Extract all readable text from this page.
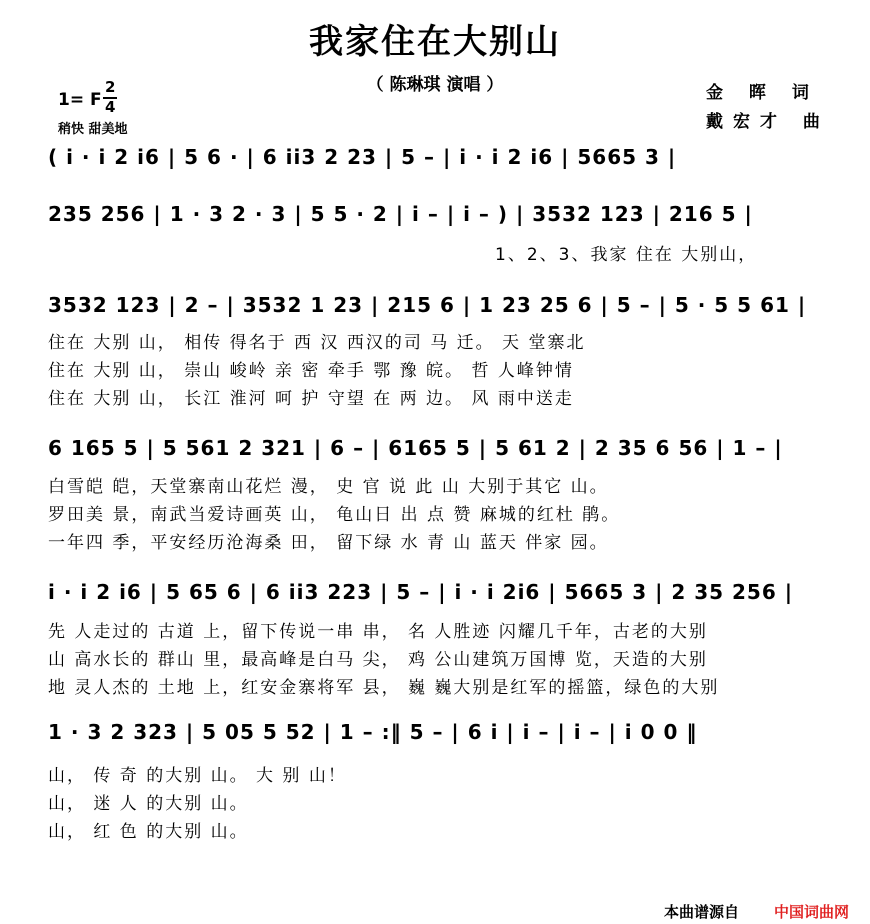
我家住在大别山
（ 陈琳琪 演唱 ）	金 晖 词
戴宏才 曲
1= F
2
4
稍快 甜美地
( i · i 2 i6 | 5 6 · | 6 ii3 2 23 | 5 – | i · i 2 i6 | 5665 3 |
235 256 | 1 · 3 2 · 3 | 5 5 · 2 | i – | i – ) | 3532 123 | 216 5 |
3532 123 | 2 – | 3532 1 23 | 215 6 | 1 23 25 6 | 5 – | 5 · 5 5 61 |
6 165 5 | 5 561 2 321 | 6 – | 6165 5 | 5 61 2 | 2 35 6 56 | 1 – |
i · i 2 i6 | 5 65 6 | 6 ii3 223 | 5 – | i · i 2i6 | 5665 3 | 2 35 256 |
1 · 3 2 323 | 5 05 5 52 | 1 – :‖ 5 – | 6 i | i – | i – | i 0 0 ‖
1、2、3、我家 住在 大别山，
住在 大别 山， 相传 得名于 西 汉 西汉的司 马 迁。 天 堂寨北
住在 大别 山， 崇山 峻岭 亲 密 牵手 鄂 豫 皖。 哲 人峰钟情
住在 大别 山， 长江 淮河 呵 护 守望 在 两 边。 风 雨中送走
白雪皑 皑，天堂寨南山花烂 漫， 史 官 说 此 山 大别于其它 山。
罗田美 景，南武当爱诗画英 山， 龟山日 出 点 赞 麻城的红杜 鹃。
一年四 季，平安经历沧海桑 田， 留下绿 水 青 山 蓝天 伴家 园。
先 人走过的 古道 上，留下传说一串 串， 名 人胜迹 闪耀几千年，古老的大别
山 高水长的 群山 里，最高峰是白马 尖， 鸡 公山建筑万国博 览，天造的大别
地 灵人杰的 土地 上，红安金寨将军 县， 巍 巍大别是红军的摇篮，绿色的大别
山， 传 奇 的大别 山。 大 别 山！
山， 迷 人 的大别 山。
山， 红 色 的大别 山。
本曲谱源自 中国词曲网
